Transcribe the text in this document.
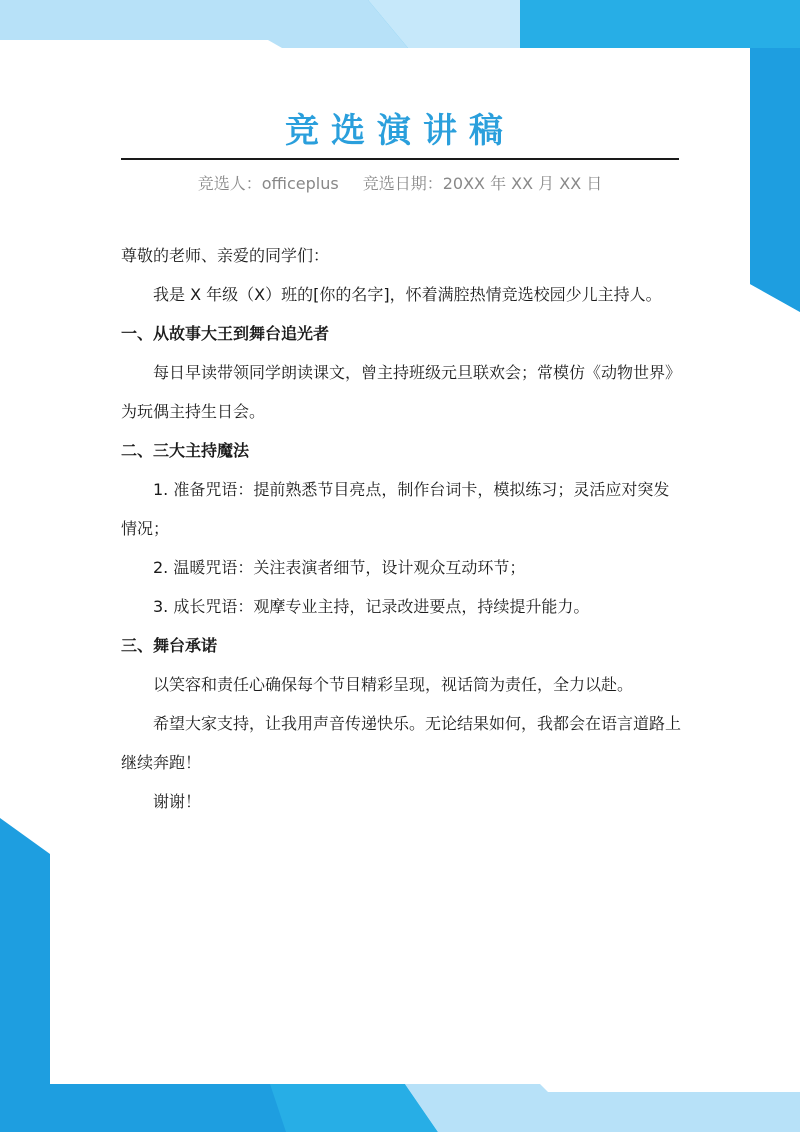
竞选演讲稿
竞选人：officeplus 竞选日期：20XX 年 XX 月 XX 日

尊敬的老师、亲爱的同学们：

我是 X 年级（X）班的[你的名字]，怀着满腔热情竞选校园少儿主持人。

一、从故事大王到舞台追光者

每日早读带领同学朗读课文，曾主持班级元旦联欢会；常模仿《动物世界》为玩偶主持生日会。

二、三大主持魔法

1. 准备咒语：提前熟悉节目亮点，制作台词卡，模拟练习；灵活应对突发情况；

2. 温暖咒语：关注表演者细节，设计观众互动环节；

3. 成长咒语：观摩专业主持，记录改进要点，持续提升能力。

三、舞台承诺

以笑容和责任心确保每个节目精彩呈现，视话筒为责任，全力以赴。

希望大家支持，让我用声音传递快乐。无论结果如何，我都会在语言道路上继续奔跑！

谢谢！
